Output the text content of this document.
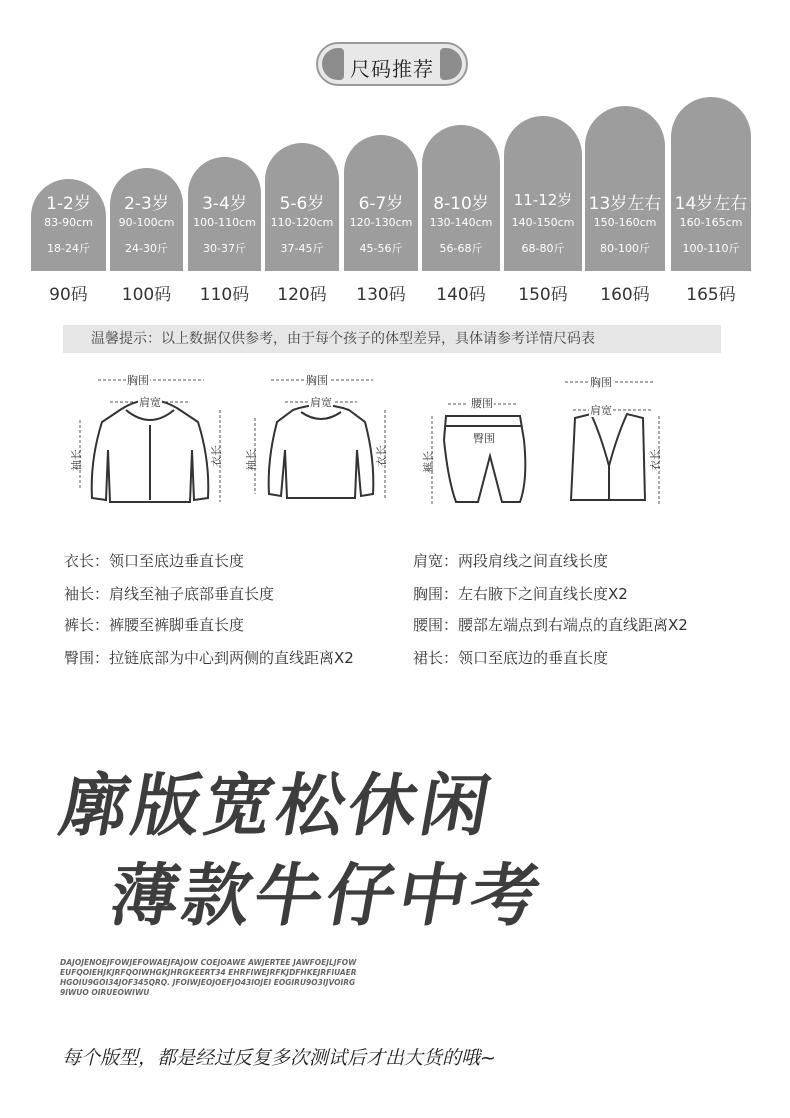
尺码推荐
1-2岁
83-90cm
18-24斤
90码
2-3岁
90-100cm
24-30斤
100码
3-4岁
100-110cm
30-37斤
110码
5-6岁
110-120cm
37-45斤
120码
6-7岁
120-130cm
45-56斤
130码
8-10岁
130-140cm
56-68斤
140码
11-12岁
140-150cm
68-80斤
150码
13岁左右
150-160cm
80-100斤
160码
14岁左右
160-165cm
100-110斤
165码
温馨提示：以上数据仅供参考，由于每个孩子的体型差异，具体请参考详情尺码表
胸围
肩宽
袖长	衣长
胸围
肩宽
袖长	衣长
腰围
臀围
裤长
胸围
肩宽
衣长
衣长：领口至底边垂直长度
袖长：肩线至袖子底部垂直长度
裤长：裤腰至裤脚垂直长度
臀围：拉链底部为中心到两侧的直线距离X2
肩宽：两段肩线之间直线长度
胸围：左右腋下之间直线长度X2
腰围：腰部左端点到右端点的直线距离X2
裙长：领口至底边的垂直长度
廓版宽松休闲
薄款牛仔中考
DAJOJENOEJFOWJEFOWAEJFAJOW COEJOAWE AWJERTEE JAWFOEJLJFOWEUFQOIEHJKJRFQOIWHGKJHRGKEERT34 EHRFIWEJRFKJDFHKEJRFIUAERHGOIU9GOI34JOF345QRQ. JFOIWJEOJOEFJO43IOJEI EOGIRU9O3IJVOIRG9IWUO OIRUEOWIWU
每个版型，都是经过反复多次测试后才出大货的哦~
